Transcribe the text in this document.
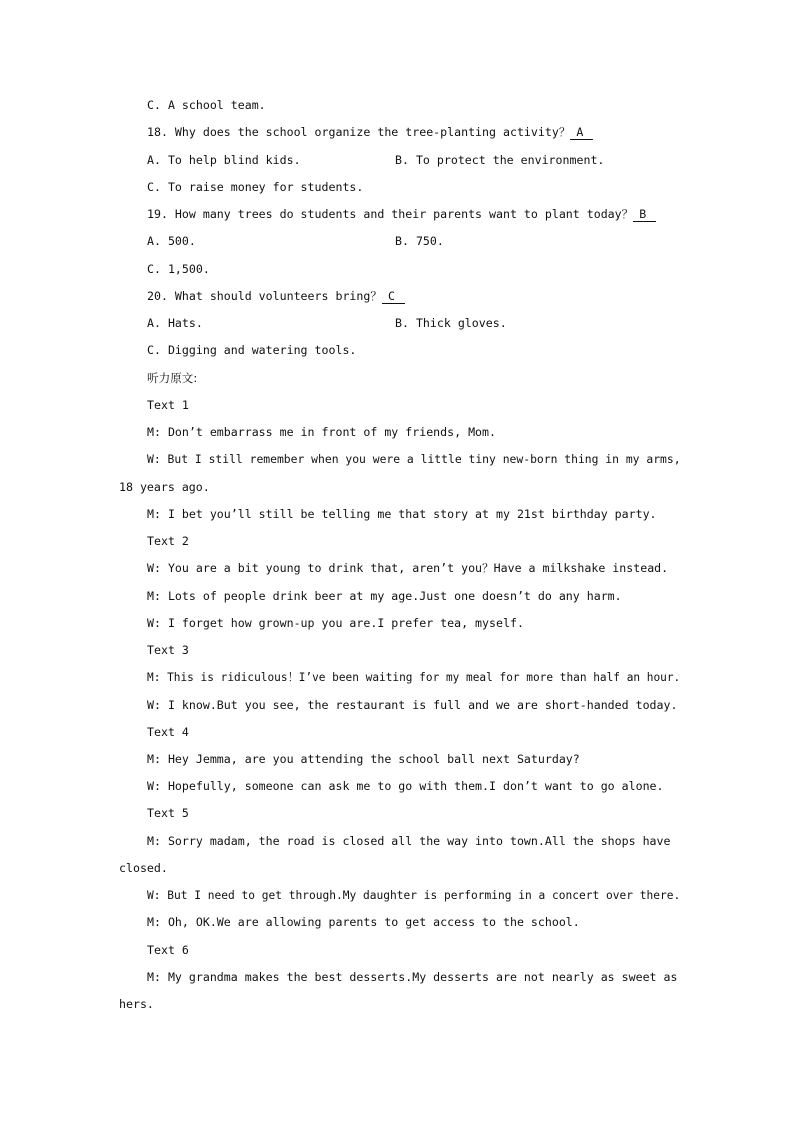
C. A school team.
18. Why does the school organize the tree-planting activity？ A
A. To help blind kids.	B. To protect the environment.
C. To raise money for students.
19. How many trees do students and their parents want to plant today？ B
A. 500.	B. 750.
C. 1,500.
20. What should volunteers bring？ C
A. Hats.	B. Thick gloves.
C. Digging and watering tools.
听力原文:
Text 1
M: Don’t embarrass me in front of my friends, Mom.
W: But I still remember when you were a little tiny new-born thing in my arms,
18 years ago.
M: I bet you’ll still be telling me that story at my 21st birthday party.
Text 2
W: You are a bit young to drink that, aren’t you？Have a milkshake instead.
M: Lots of people drink beer at my age.Just one doesn’t do any harm.
W: I forget how grown-up you are.I prefer tea, myself.
Text 3
M: This is ridiculous！I’ve been waiting for my meal for more than half an hour.
W: I know.But you see, the restaurant is full and we are short-handed today.
Text 4
M: Hey Jemma, are you attending the school ball next Saturday?
W: Hopefully, someone can ask me to go with them.I don’t want to go alone.
Text 5
M: Sorry madam, the road is closed all the way into town.All the shops have
closed.
W: But I need to get through.My daughter is performing in a concert over there.
M: Oh, OK.We are allowing parents to get access to the school.
Text 6
M: My grandma makes the best desserts.My desserts are not nearly as sweet as
hers.
